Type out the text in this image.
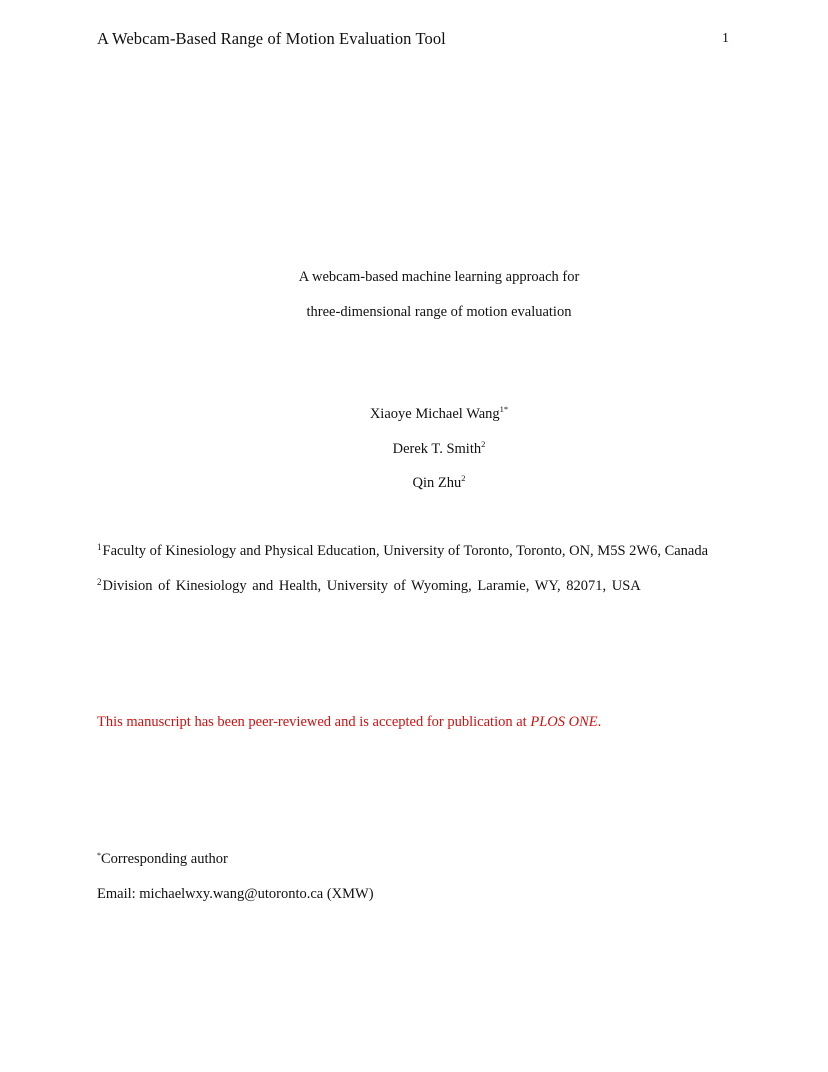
A Webcam-Based Range of Motion Evaluation Tool	1
A webcam-based machine learning approach for
three-dimensional range of motion evaluation
Xiaoye Michael Wang$^{1*}$
Derek T. Smith$^2$
Qin Zhu$^2$
$^1$Faculty of Kinesiology and Physical Education, University of Toronto, Toronto, ON, M5S 2W6, Canada
$^2$Division of Kinesiology and Health, University of Wyoming, Laramie, WY, 82071, USA
This manuscript has been peer-reviewed and is accepted for publication at PLOS ONE.
*Corresponding author
Email: michaelwxy.wang@utoronto.ca (XMW)
